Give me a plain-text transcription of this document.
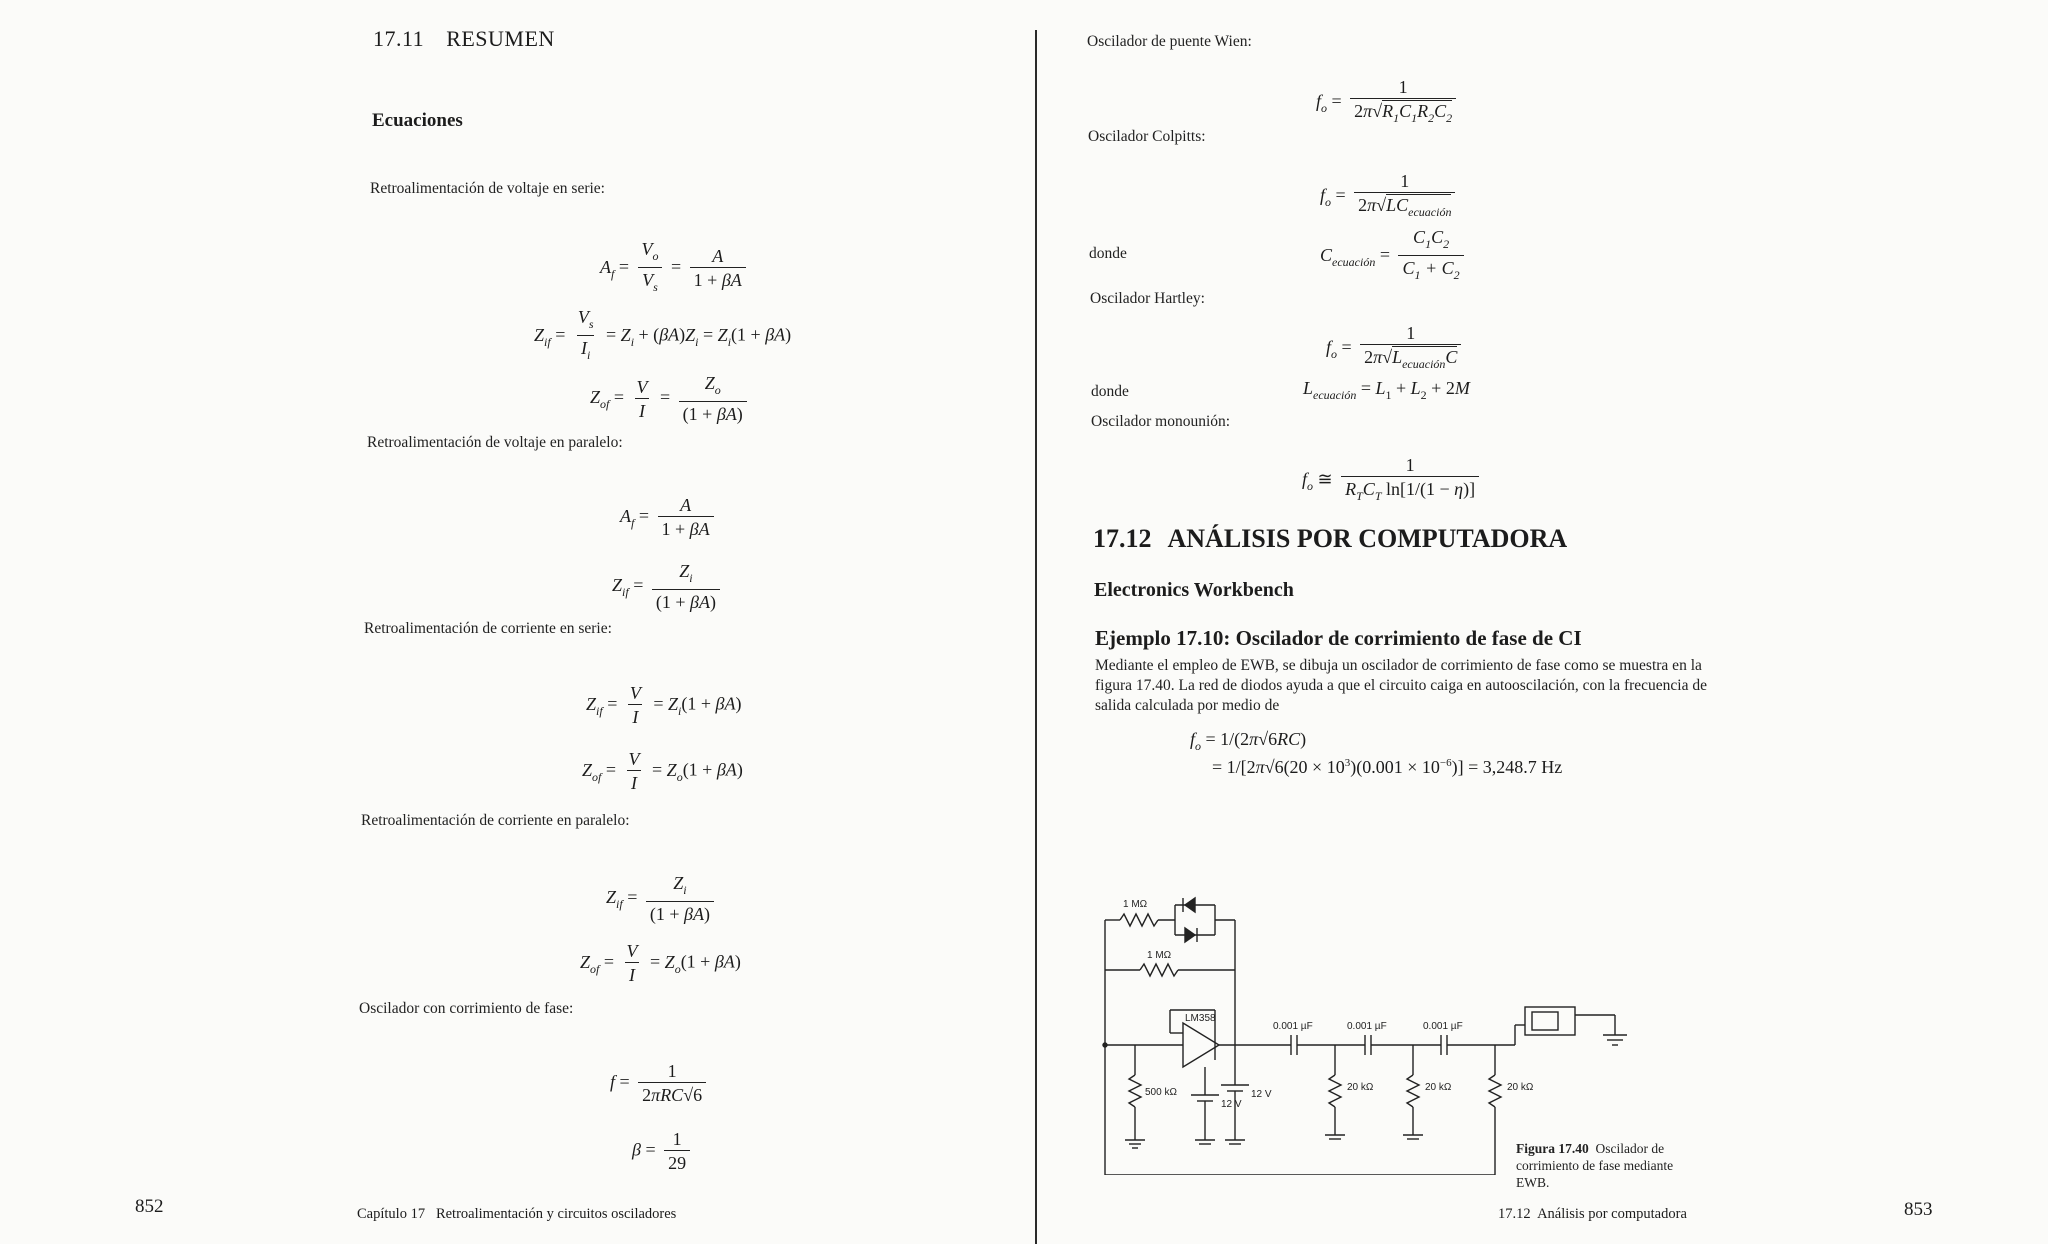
17.11 RESUMEN
Ecuaciones
Retroalimentación de voltaje en serie:
$A_f = \frac{V_o}{V_s} = \frac{A}{1 + \beta A}$
$Z_{if} = \frac{V_s}{I_i} = Z_i + (\beta A)Z_i = Z_i(1 + \beta A)$
$Z_{of} = \frac{V}{I} = \frac{Z_o}{(1 + \beta A)}$
Retroalimentación de voltaje en paralelo:
$A_f = \frac{A}{1 + \beta A}$
$Z_{if} = \frac{Z_i}{(1 + \beta A)}$
Retroalimentación de corriente en serie:
$Z_{if} = \frac{V}{I} = Z_i(1 + \beta A)$
$Z_{of} = \frac{V}{I} = Z_o(1 + \beta A)$
Retroalimentación de corriente en paralelo:
$Z_{if} = \frac{Z_i}{(1 + \beta A)}$
$Z_{of} = \frac{V}{I} = Z_o(1 + \beta A)$
Oscilador con corrimiento de fase:
$f = \frac{1}{\text{2πRC√6}}$
$\beta = \frac{1}{29}$
852	Capítulo 17   Retroalimentación y circuitos osciladores
Oscilador de puente Wien:
$f_o = \frac{1}{2\pi√R_1C_1R_2C_2}$
Oscilador Colpitts:
$f_o = \frac{1}{2\pi√LC_{ecuación}}$
donde	$C_{ecuación} = \frac{C_1C_2}{C_1 + C_2}$
Oscilador Hartley:
$f_o = \frac{1}{2\pi√L_{ecuación}C}$
donde	$L_{ecuación} = L_1 + L_2 + 2M$
Oscilador monounión:
$f_o$ ≅ $\frac{1}{R_TC_T \ln[1/(1 - \eta)]}$
17.12 ANÁLISIS POR COMPUTADORA
Electronics Workbench
Ejemplo 17.10: Oscilador de corrimiento de fase de CI
Mediante el empleo de EWB, se dibuja un oscilador de corrimiento de fase como se muestra en la figura 17.40. La red de diodos ayuda a que el circuito caiga en autooscilación, con la frecuencia de salida calculada por medio de
$f_o = 1/(2\pi√6RC)$
= $1/[2\pi√6(20 \times 10^3)(0.001 \times 10^{-6})] = 3,248.7$ Hz
1 MΩ
1 MΩ
LM358
0.001 µF	0.001 µF	0.001 µF
500 kΩ
12 V
12 V
20 kΩ	20 kΩ	20 kΩ
Figura 17.40 Oscilador de corrimiento de fase mediante EWB.
17.12  Análisis por computadora	853
